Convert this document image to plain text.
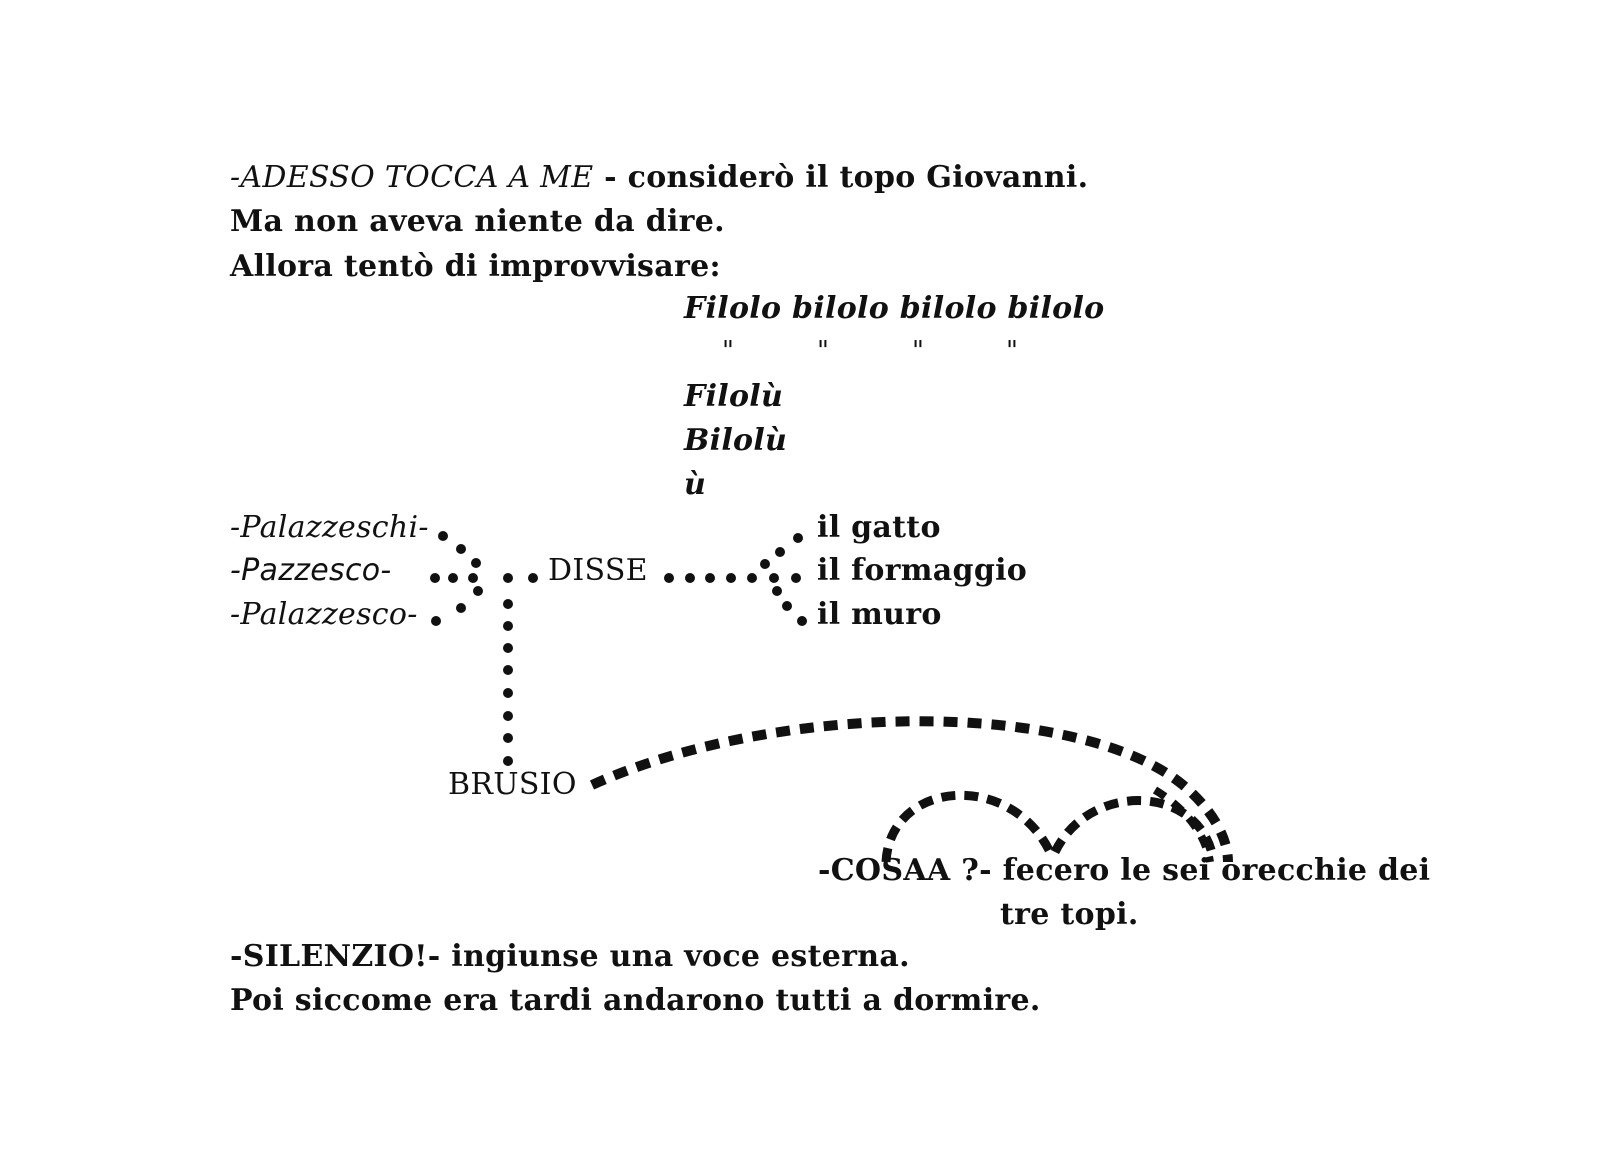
-ADESSO TOCCA A ME - considerò il topo Giovanni.
Ma non aveva niente da dire.
Allora tentò di improvvisare:
Filolo bilolo bilolo bilolo
"	"	"	"
Filolù
Bilolù
ù
-Palazzeschi-
-Pazzesco-
-Palazzesco-
DISSE
il gatto
il formaggio
il muro
BRUSIO
-COSAA ?- fecero le sei orecchie dei
tre topi.
-SILENZIO!- ingiunse una voce esterna.
Poi siccome era tardi andarono tutti a dormire.
